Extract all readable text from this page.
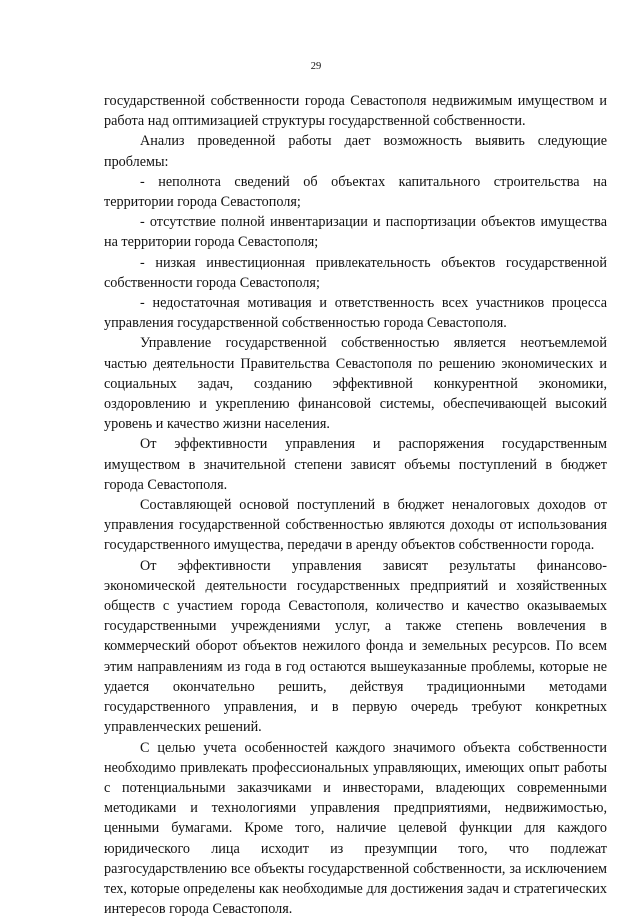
29

государственной собственности города Севастополя недвижимым имуществом и работа над оптимизацией структуры государственной собственности.

Анализ проведенной работы дает возможность выявить следующие проблемы:

- неполнота сведений об объектах капитального строительства на территории города Севастополя;

- отсутствие полной инвентаризации и паспортизации объектов имущества на территории города Севастополя;

- низкая инвестиционная привлекательность объектов государственной собственности города Севастополя;

- недостаточная мотивация и ответственность всех участников процесса управления государственной собственностью города Севастополя.

Управление государственной собственностью является неотъемлемой частью деятельности Правительства Севастополя по решению экономических и социальных задач, созданию эффективной конкурентной экономики, оздоровлению и укреплению финансовой системы, обеспечивающей высокий уровень и качество жизни населения.

От эффективности управления и распоряжения государственным имуществом в значительной степени зависят объемы поступлений в бюджет города Севастополя.

Составляющей основой поступлений в бюджет неналоговых доходов от управления государственной собственностью являются доходы от использования государственного имущества, передачи в аренду объектов собственности города.

От эффективности управления зависят результаты финансово-экономической деятельности государственных предприятий и хозяйственных обществ с участием города Севастополя, количество и качество оказываемых государственными учреждениями услуг, а также степень вовлечения в коммерческий оборот объектов нежилого фонда и земельных ресурсов. По всем этим направлениям из года в год остаются вышеуказанные проблемы, которые не удается окончательно решить, действуя традиционными методами государственного управления, и в первую очередь требуют конкретных управленческих решений.

С целью учета особенностей каждого значимого объекта собственности необходимо привлекать профессиональных управляющих, имеющих опыт работы с потенциальными заказчиками и инвесторами, владеющих современными методиками и технологиями управления предприятиями, недвижимостью, ценными бумагами. Кроме того, наличие целевой функции для каждого юридического лица исходит из презумпции того, что подлежат разгосударствлению все объекты государственной собственности, за исключением тех, которые определены как необходимые для достижения задач и стратегических интересов города Севастополя.
